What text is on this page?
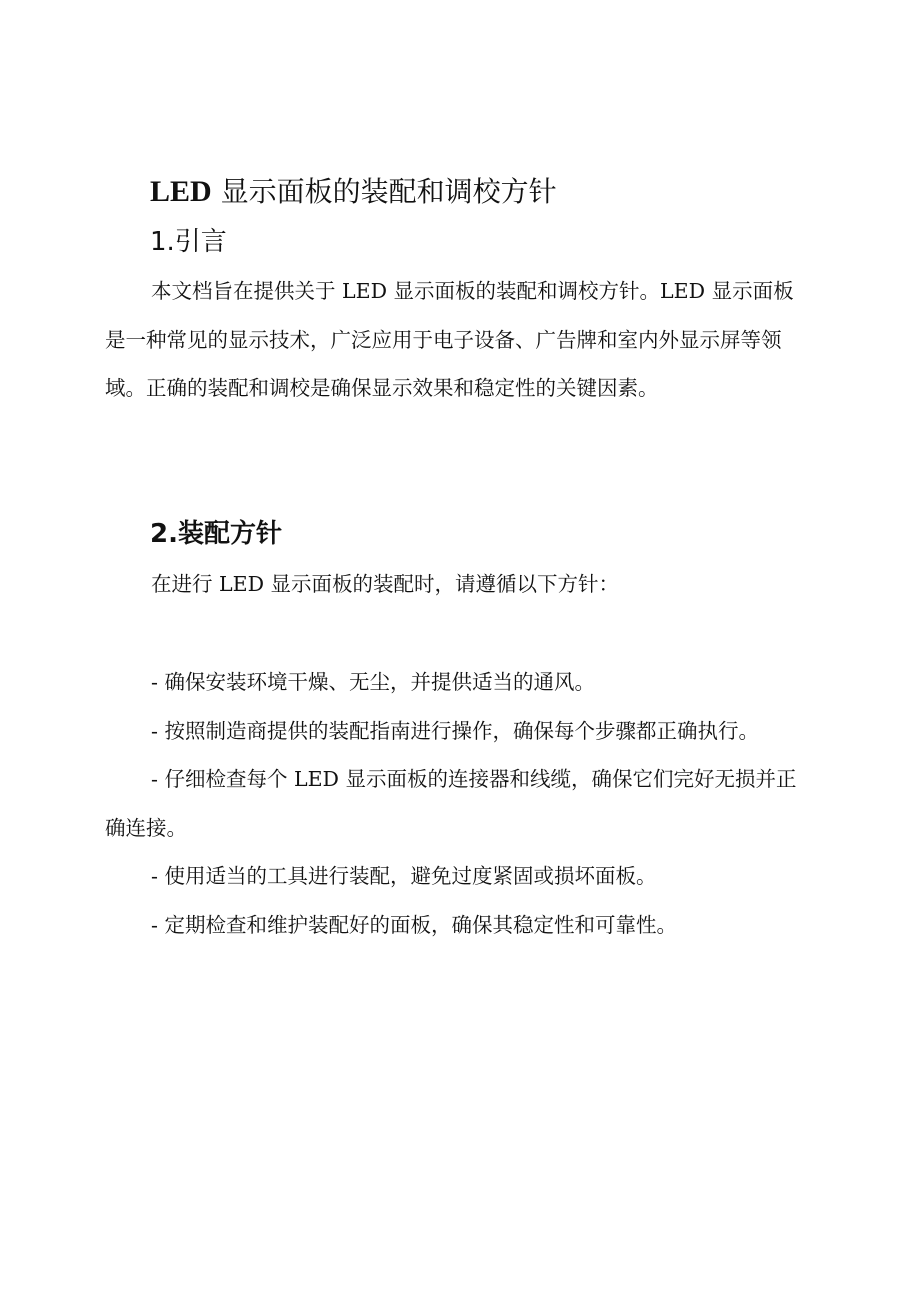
LED 显示面板的装配和调校方针
1.引言

本文档旨在提供关于 LED 显示面板的装配和调校方针。LED 显示面板是一种常见的显示技术，广泛应用于电子设备、广告牌和室内外显示屏等领域。正确的装配和调校是确保显示效果和稳定性的关键因素。

2.装配方针

在进行 LED 显示面板的装配时，请遵循以下方针：

- 确保安装环境干燥、无尘，并提供适当的通风。
- 按照制造商提供的装配指南进行操作，确保每个步骤都正确执行。
- 仔细检查每个 LED 显示面板的连接器和线缆，确保它们完好无损并正确连接。
- 使用适当的工具进行装配，避免过度紧固或损坏面板。
- 定期检查和维护装配好的面板，确保其稳定性和可靠性。
